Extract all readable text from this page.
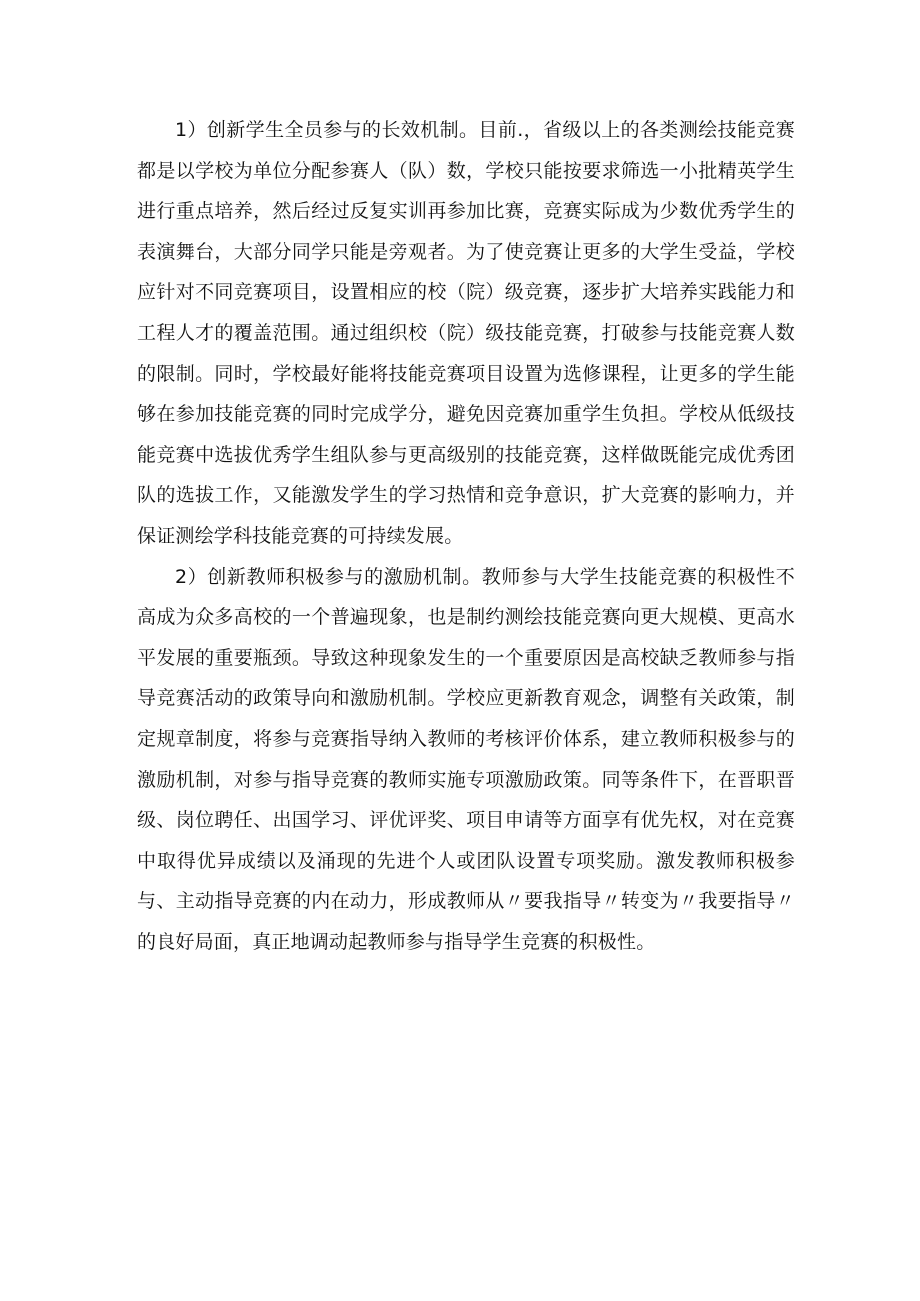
1）创新学生全员参与的长效机制。目前.，省级以上的各类测绘技能竞赛都是以学校为单位分配参赛人（队）数，学校只能按要求筛选一小批精英学生进行重点培养，然后经过反复实训再参加比赛，竞赛实际成为少数优秀学生的表演舞台，大部分同学只能是旁观者。为了使竞赛让更多的大学生受益，学校应针对不同竞赛项目，设置相应的校（院）级竞赛，逐步扩大培养实践能力和工程人才的覆盖范围。通过组织校（院）级技能竞赛，打破参与技能竞赛人数的限制。同时，学校最好能将技能竞赛项目设置为选修课程，让更多的学生能够在参加技能竞赛的同时完成学分，避免因竞赛加重学生负担。学校从低级技能竞赛中选拔优秀学生组队参与更高级别的技能竞赛，这样做既能完成优秀团队的选拔工作，又能激发学生的学习热情和竞争意识，扩大竞赛的影响力，并保证测绘学科技能竞赛的可持续发展。

2）创新教师积极参与的激励机制。教师参与大学生技能竞赛的积极性不高成为众多高校的一个普遍现象，也是制约测绘技能竞赛向更大规模、更高水平发展的重要瓶颈。导致这种现象发生的一个重要原因是高校缺乏教师参与指导竞赛活动的政策导向和激励机制。学校应更新教育观念，调整有关政策，制定规章制度，将参与竞赛指导纳入教师的考核评价体系，建立教师积极参与的激励机制，对参与指导竞赛的教师实施专项激励政策。同等条件下，在晋职晋级、岗位聘任、出国学习、评优评奖、项目申请等方面享有优先权，对在竞赛中取得优异成绩以及涌现的先进个人或团队设置专项奖励。激发教师积极参与、主动指导竞赛的内在动力，形成教师从〃要我指导〃转变为〃我要指导〃的良好局面，真正地调动起教师参与指导学生竞赛的积极性。
